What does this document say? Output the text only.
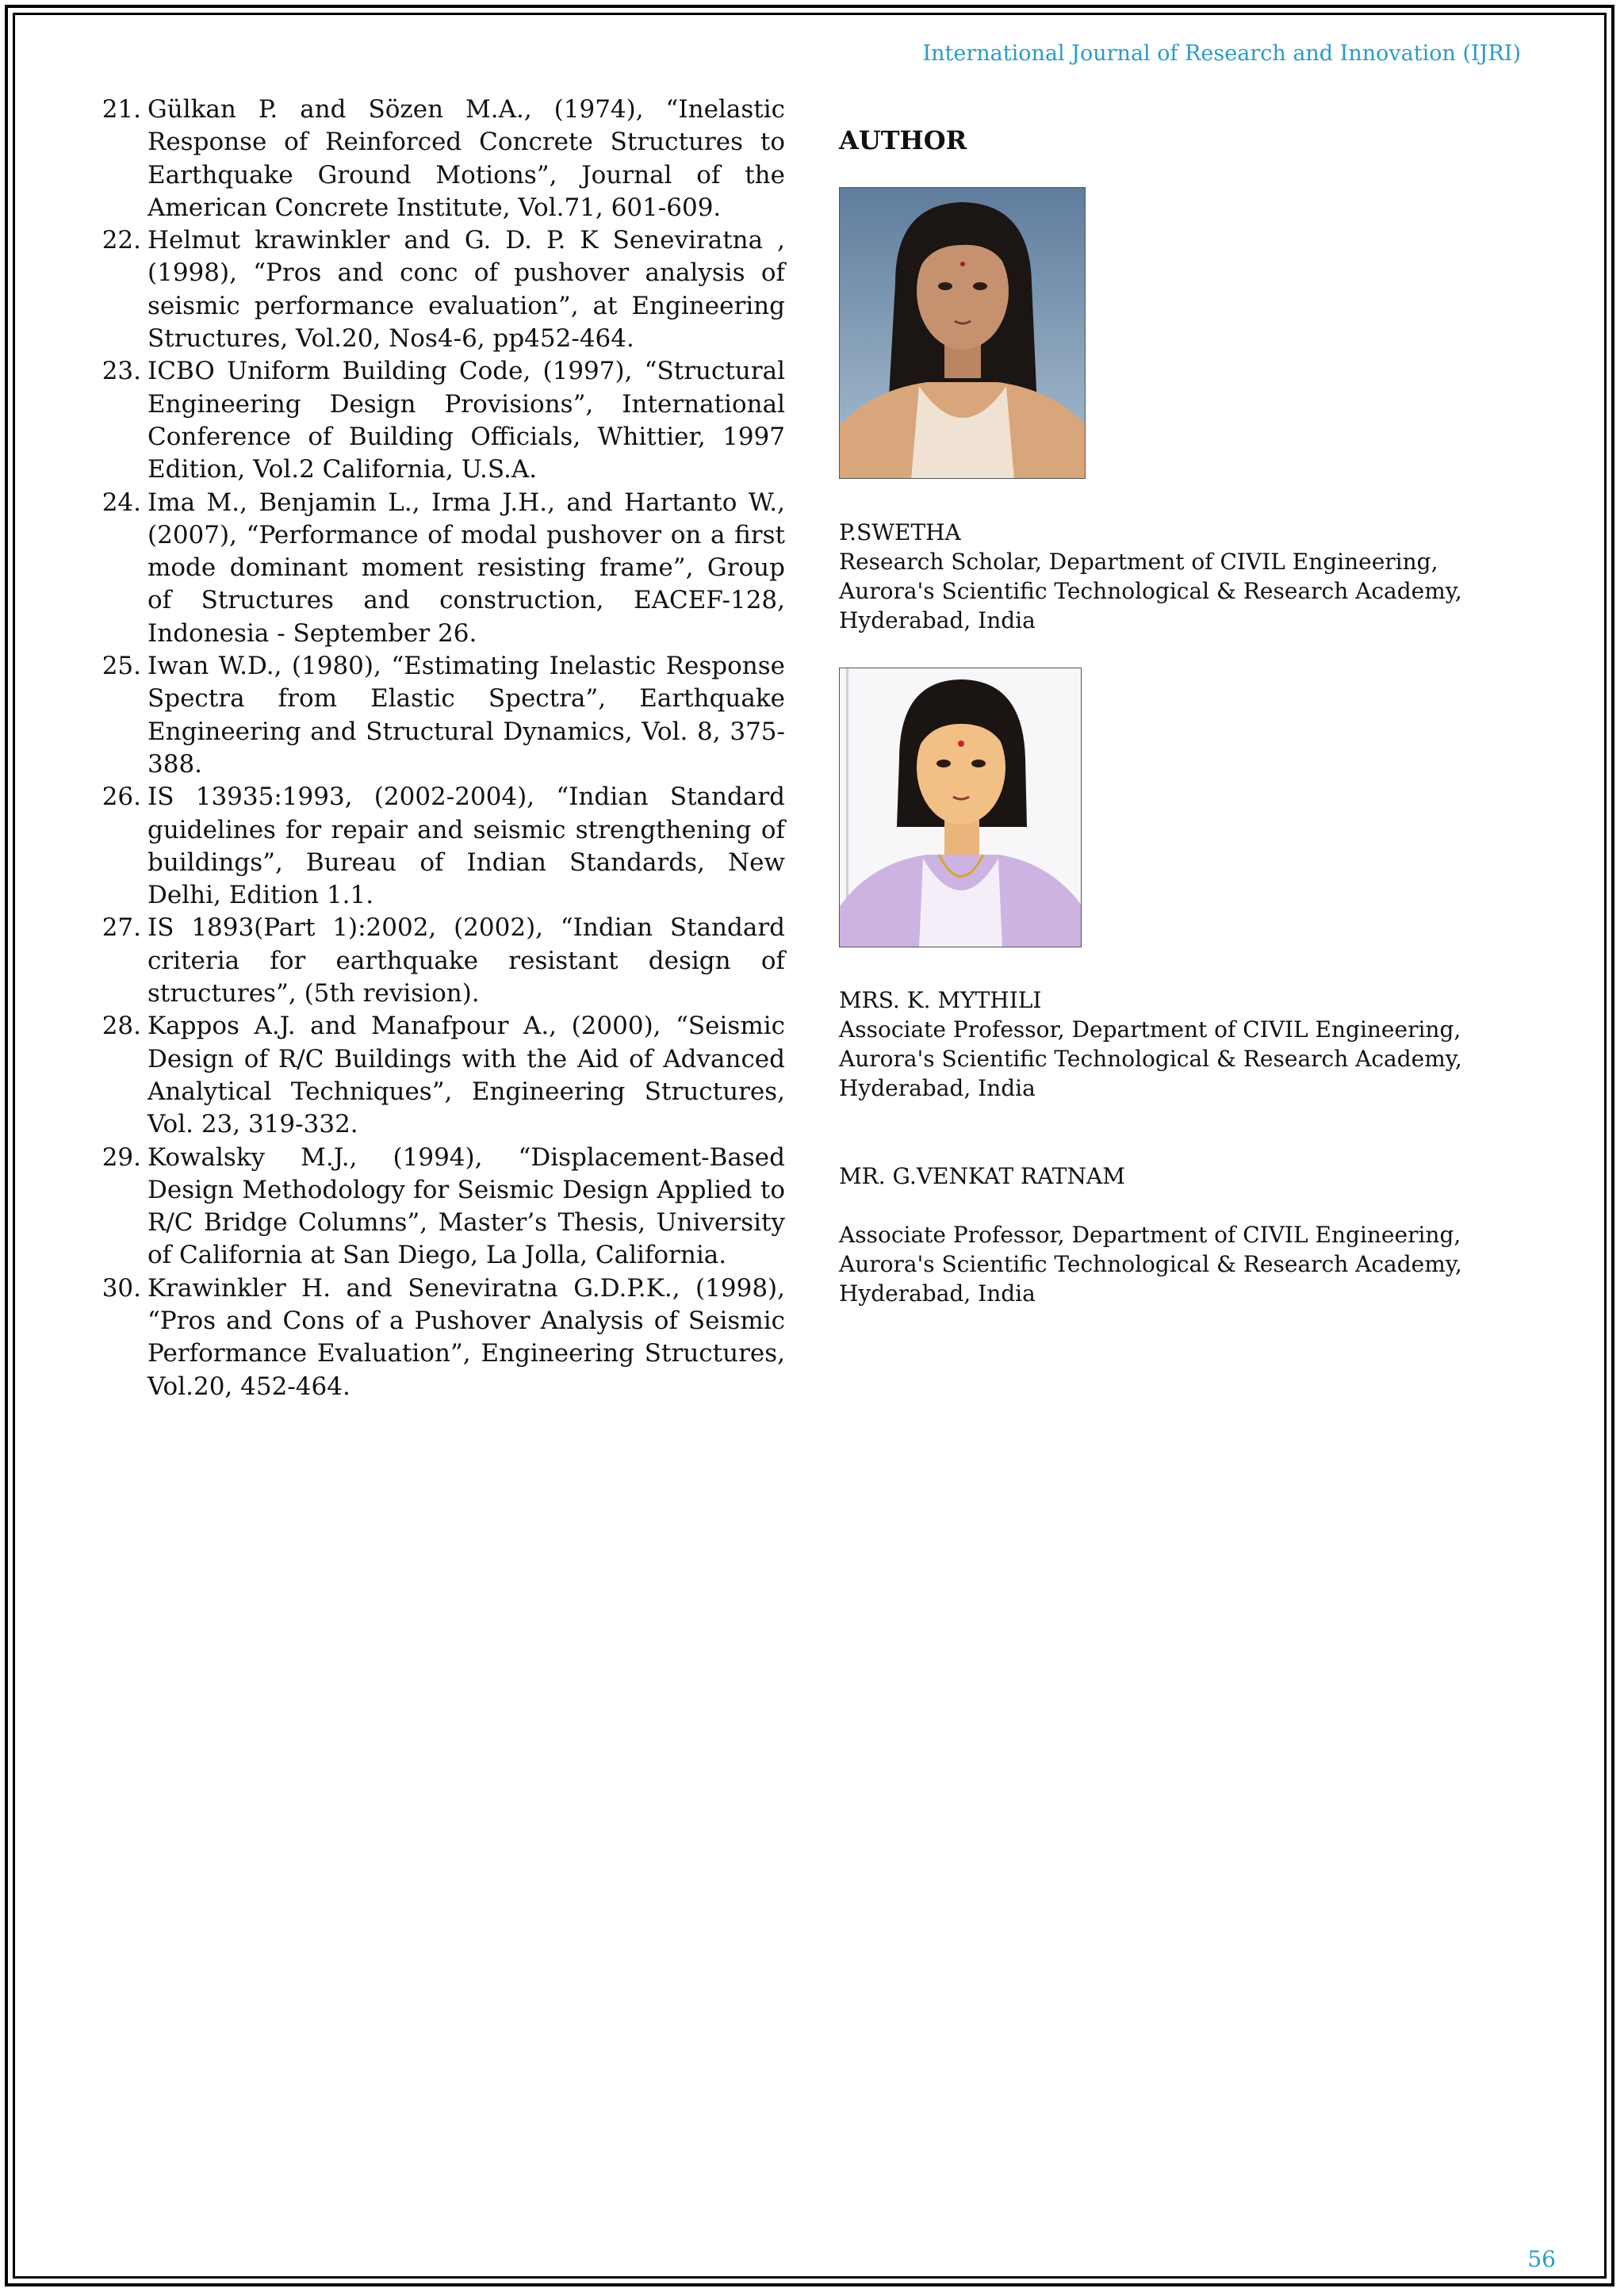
International Journal of Research and Innovation (IJRI)
21. Gülkan P. and Sözen M.A., (1974), “Inelastic Response of Reinforced Concrete Structures to Earthquake Ground Motions”, Journal of the American Concrete Institute, Vol.71, 601-609.
22. Helmut krawinkler and G. D. P. K Seneviratna , (1998), “Pros and conc of pushover analysis of seismic performance evaluation”, at Engineering Structures, Vol.20, Nos4-6, pp452-464.
23. ICBO Uniform Building Code, (1997), “Structural Engineering Design Provisions”, International Conference of Building Officials, Whittier, 1997 Edition, Vol.2 California, U.S.A.
24. Ima M., Benjamin L., Irma J.H., and Hartanto W., (2007), “Performance of modal pushover on a first mode dominant moment resisting frame”, Group of Structures and construction, EACEF-128, Indonesia - September 26.
25. Iwan W.D., (1980), “Estimating Inelastic Response Spectra from Elastic Spectra”, Earthquake Engineering and Structural Dynamics, Vol. 8, 375-388.
26. IS 13935:1993, (2002-2004), “Indian Standard guidelines for repair and seismic strengthening of buildings”, Bureau of Indian Standards, New Delhi, Edition 1.1.
27. IS 1893(Part 1):2002, (2002), “Indian Standard criteria for earthquake resistant design of structures”, (5th revision).
28. Kappos A.J. and Manafpour A., (2000), “Seismic Design of R/C Buildings with the Aid of Advanced Analytical Techniques”, Engineering Structures, Vol. 23, 319-332.
29. Kowalsky M.J., (1994), “Displacement-Based Design Methodology for Seismic Design Applied to R/C Bridge Columns”, Master’s Thesis, University of California at San Diego, La Jolla, California.
30. Krawinkler H. and Seneviratna G.D.P.K., (1998), “Pros and Cons of a Pushover Analysis of Seismic Performance Evaluation”, Engineering Structures, Vol.20, 452-464.
AUTHOR
P.SWETHA
Research Scholar, Department of CIVIL Engineering,
Aurora's Scientific Technological & Research Academy,
Hyderabad, India
MRS. K. MYTHILI
Associate Professor, Department of CIVIL Engineering,
Aurora's Scientific Technological & Research Academy,
Hyderabad, India
MR. G.VENKAT RATNAM
Associate Professor, Department of CIVIL Engineering,
Aurora's Scientific Technological & Research Academy,
Hyderabad, India
56
